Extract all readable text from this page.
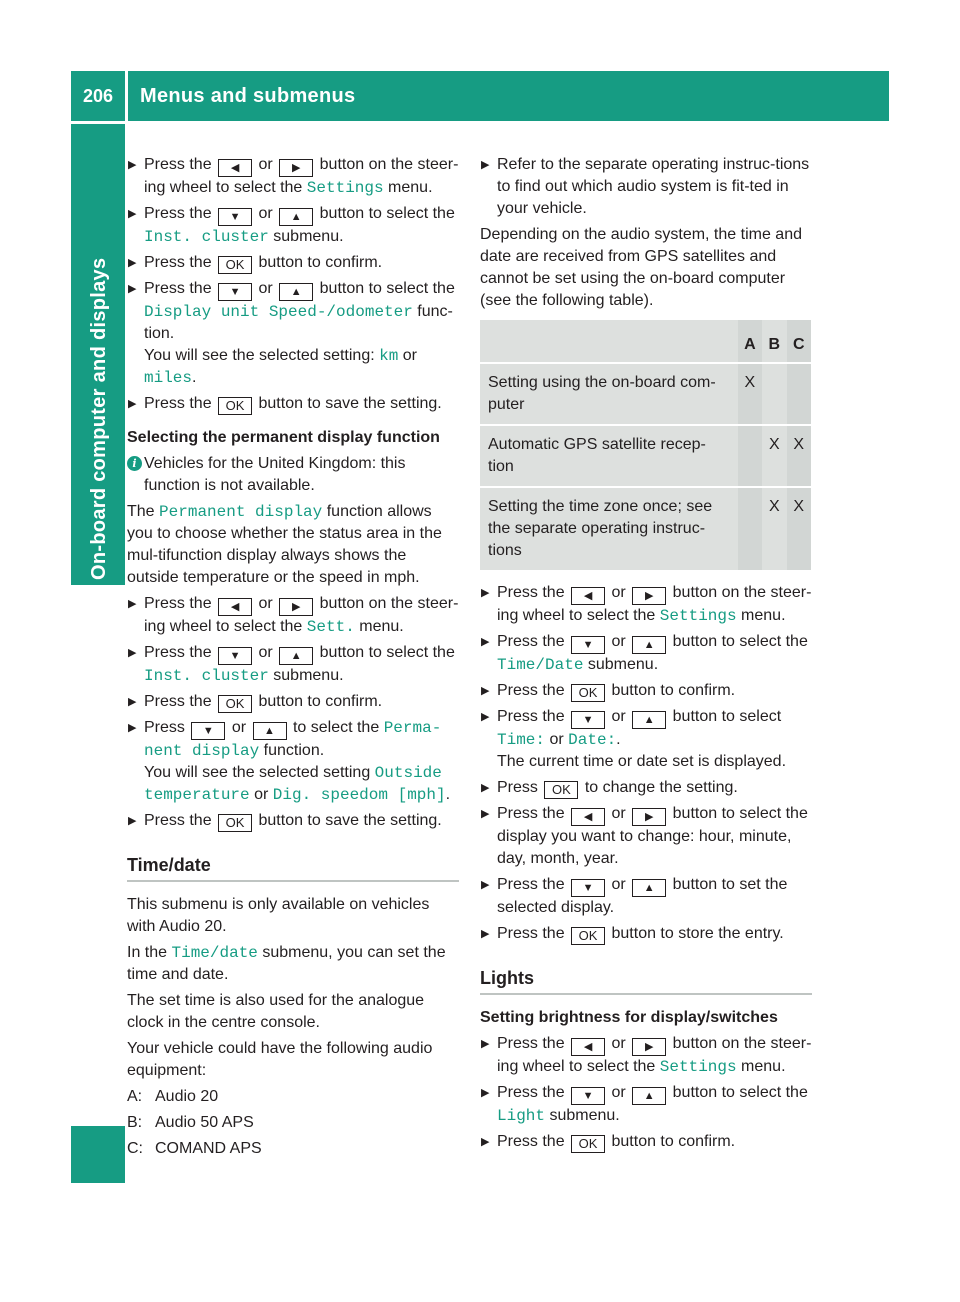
206	Menus and submenus
On-board computer and displays
▶ Press the ◀ or ▶ button on the steer-ing wheel to select the Settings menu.
▶ Press the ▼ or ▲ button to select the Inst. cluster submenu.
▶ Press the OK button to confirm.
▶ Press the ▼ or ▲ button to select the Display unit Speed-/odometer func-tion.
You will see the selected setting: km or miles.
▶ Press the OK button to save the setting.
Selecting the permanent display function
i Vehicles for the United Kingdom: this function is not available.
The Permanent display function allows you to choose whether the status area in the mul-tifunction display always shows the outside temperature or the speed in mph.
▶ Press the ◀ or ▶ button on the steer-ing wheel to select the Sett. menu.
▶ Press the ▼ or ▲ button to select the Inst. cluster submenu.
▶ Press the OK button to confirm.
▶ Press ▼ or ▲ to select the Perma-nent display function.
You will see the selected setting Outside temperature or Dig. speedom [mph].
▶ Press the OK button to save the setting.
Time/date
This submenu is only available on vehicles with Audio 20.
In the Time/date submenu, you can set the time and date.
The set time is also used for the analogue clock in the centre console.
Your vehicle could have the following audio equipment:
A: Audio 20
B: Audio 50 APS
C: COMAND APS
▶ Refer to the separate operating instruc-tions to find out which audio system is fit-ted in your vehicle.
Depending on the audio system, the time and date are received from GPS satellites and cannot be set using the on-board computer (see the following table).
	A	B	C
Setting using the on-board com-puter	X		
Automatic GPS satellite recep-tion		X	X
Setting the time zone once; see the separate operating instruc-tions		X	X
▶ Press the ◀ or ▶ button on the steer-ing wheel to select the Settings menu.
▶ Press the ▼ or ▲ button to select the Time/Date submenu.
▶ Press the OK button to confirm.
▶ Press the ▼ or ▲ button to select Time: or Date:.
The current time or date set is displayed.
▶ Press OK to change the setting.
▶ Press the ◀ or ▶ button to select the display you want to change: hour, minute, day, month, year.
▶ Press the ▼ or ▲ button to set the selected display.
▶ Press the OK button to store the entry.
Lights
Setting brightness for display/switches
▶ Press the ◀ or ▶ button on the steer-ing wheel to select the Settings menu.
▶ Press the ▼ or ▲ button to select the Light submenu.
▶ Press the OK button to confirm.
